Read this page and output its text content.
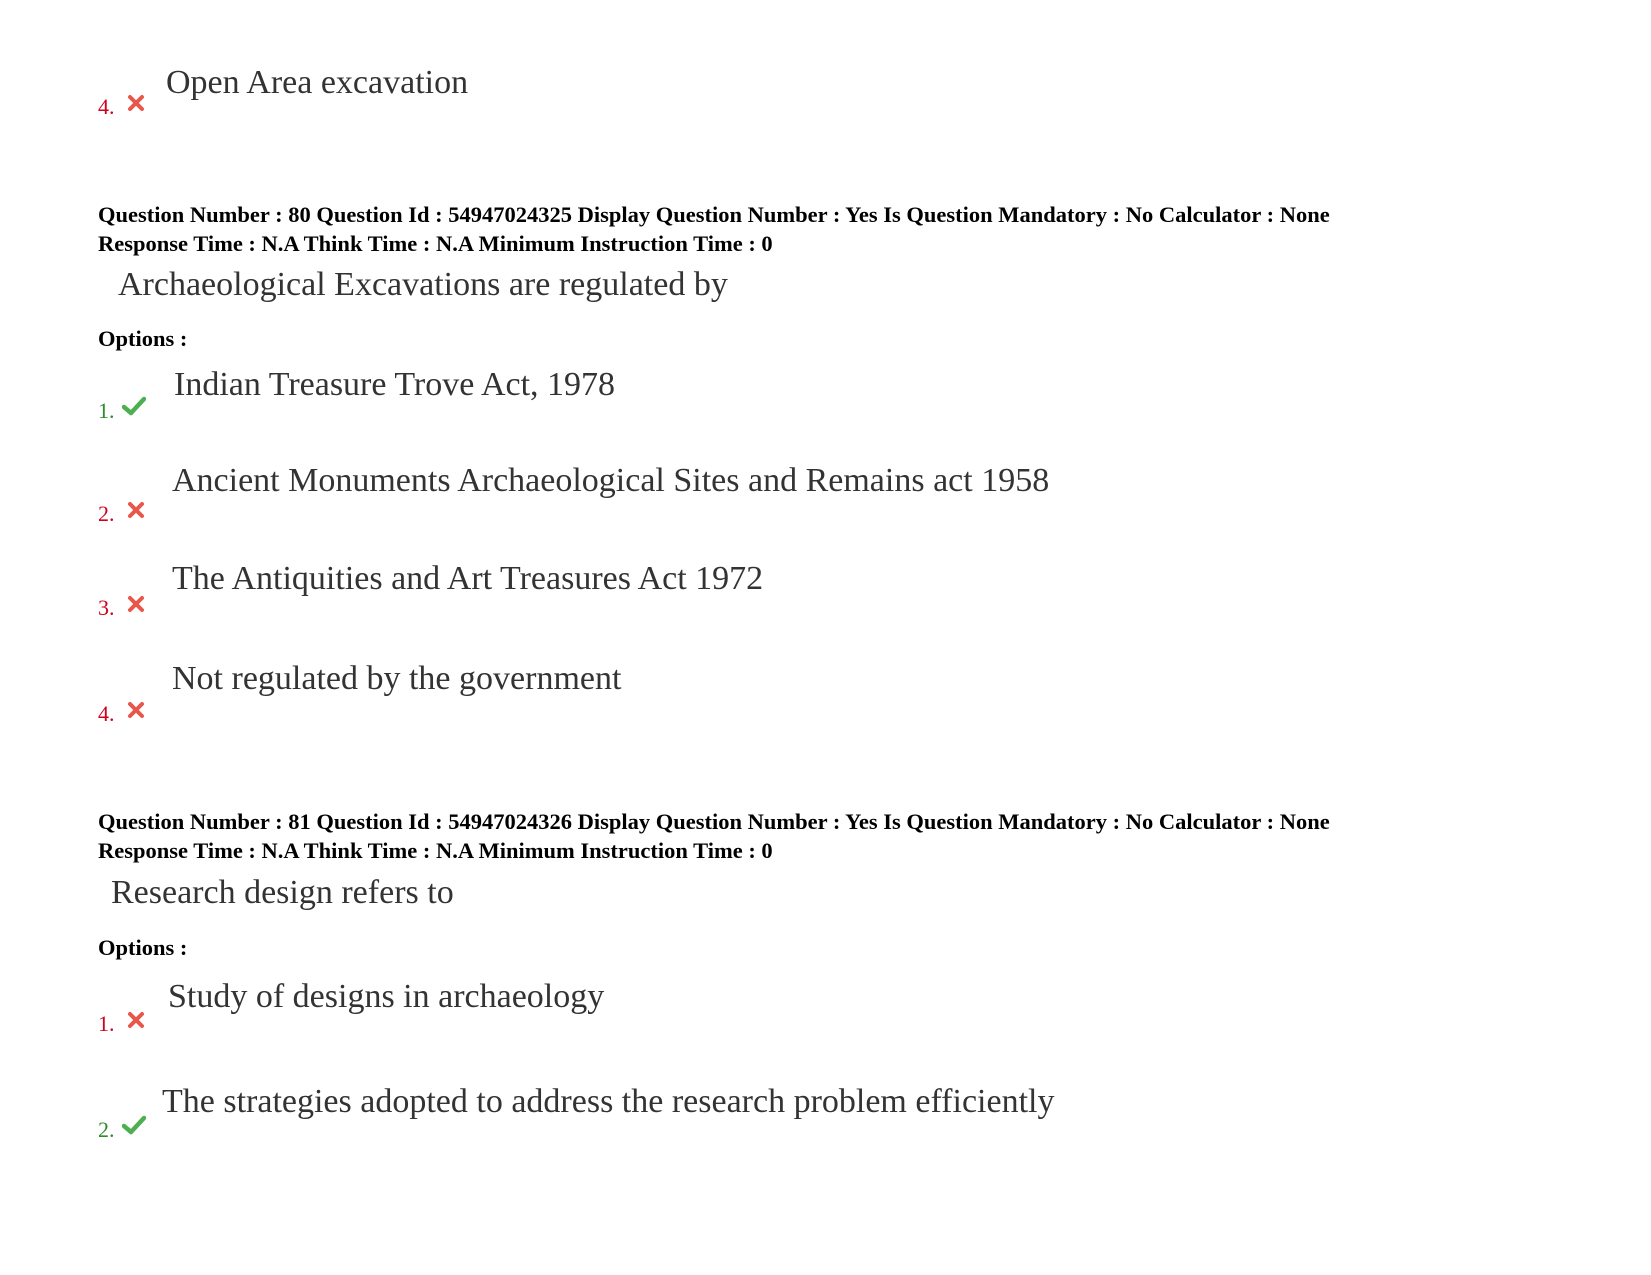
4.
Open Area excavation
Question Number : 80 Question Id : 54947024325 Display Question Number : Yes Is Question Mandatory : No Calculator : None
Response Time : N.A Think Time : N.A Minimum Instruction Time : 0
Archaeological Excavations are regulated by
Options :
1.
Indian Treasure Trove Act, 1978
2.
Ancient Monuments Archaeological Sites and Remains act 1958
3.
The Antiquities and Art Treasures Act 1972
4.
Not regulated by the government
Question Number : 81 Question Id : 54947024326 Display Question Number : Yes Is Question Mandatory : No Calculator : None
Response Time : N.A Think Time : N.A Minimum Instruction Time : 0
Research design refers to
Options :
1.
Study of designs in archaeology
2.
The strategies adopted to address the research problem efficiently
